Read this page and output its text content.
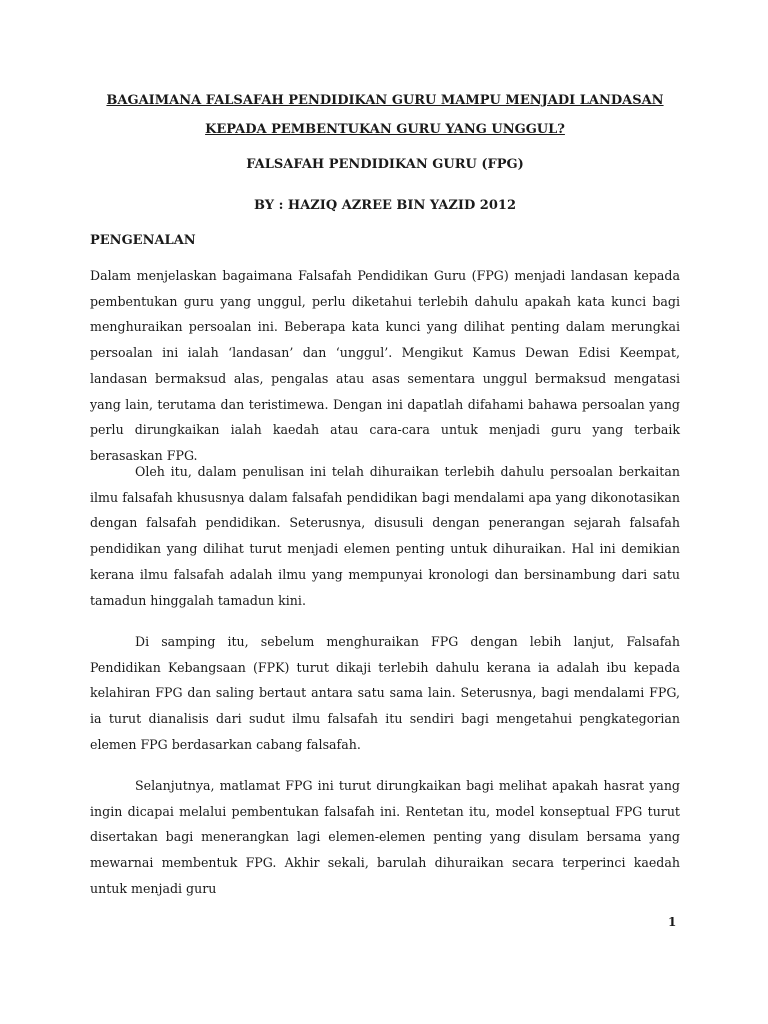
BAGAIMANA FALSAFAH PENDIDIKAN GURU MAMPU MENJADI LANDASAN
KEPADA PEMBENTUKAN GURU YANG UNGGUL?
FALSAFAH PENDIDIKAN GURU (FPG)
BY : HAZIQ AZREE BIN YAZID 2012
PENGENALAN

Dalam menjelaskan bagaimana Falsafah Pendidikan Guru (FPG) menjadi landasan kepada pembentukan guru yang unggul, perlu diketahui terlebih dahulu apakah kata kunci bagi menghuraikan persoalan ini. Beberapa kata kunci yang dilihat penting dalam merungkai persoalan ini ialah ‘landasan’ dan ‘unggul’. Mengikut Kamus Dewan Edisi Keempat, landasan bermaksud alas, pengalas atau asas sementara unggul bermaksud mengatasi yang lain, terutama dan teristimewa. Dengan ini dapatlah difahami bahawa persoalan yang perlu dirungkaikan ialah kaedah atau cara-cara untuk menjadi guru yang terbaik berasaskan FPG.

Oleh itu, dalam penulisan ini telah dihuraikan terlebih dahulu persoalan berkaitan ilmu falsafah khususnya dalam falsafah pendidikan bagi mendalami apa yang dikonotasikan dengan falsafah pendidikan. Seterusnya, disusuli dengan penerangan sejarah falsafah pendidikan yang dilihat turut menjadi elemen penting untuk dihuraikan. Hal ini demikian kerana ilmu falsafah adalah ilmu yang mempunyai kronologi dan bersinambung dari satu tamadun hinggalah tamadun kini.

Di samping itu, sebelum menghuraikan FPG dengan lebih lanjut, Falsafah Pendidikan Kebangsaan (FPK) turut dikaji terlebih dahulu kerana ia adalah ibu kepada kelahiran FPG dan saling bertaut antara satu sama lain. Seterusnya, bagi mendalami FPG, ia turut dianalisis dari sudut ilmu falsafah itu sendiri bagi mengetahui pengkategorian elemen FPG berdasarkan cabang falsafah.

Selanjutnya, matlamat FPG ini turut dirungkaikan bagi melihat apakah hasrat yang ingin dicapai melalui pembentukan falsafah ini. Rentetan itu, model konseptual FPG turut disertakan bagi menerangkan lagi elemen-elemen penting yang disulam bersama yang mewarnai membentuk FPG. Akhir sekali, barulah dihuraikan secara terperinci kaedah untuk menjadi guru

1
